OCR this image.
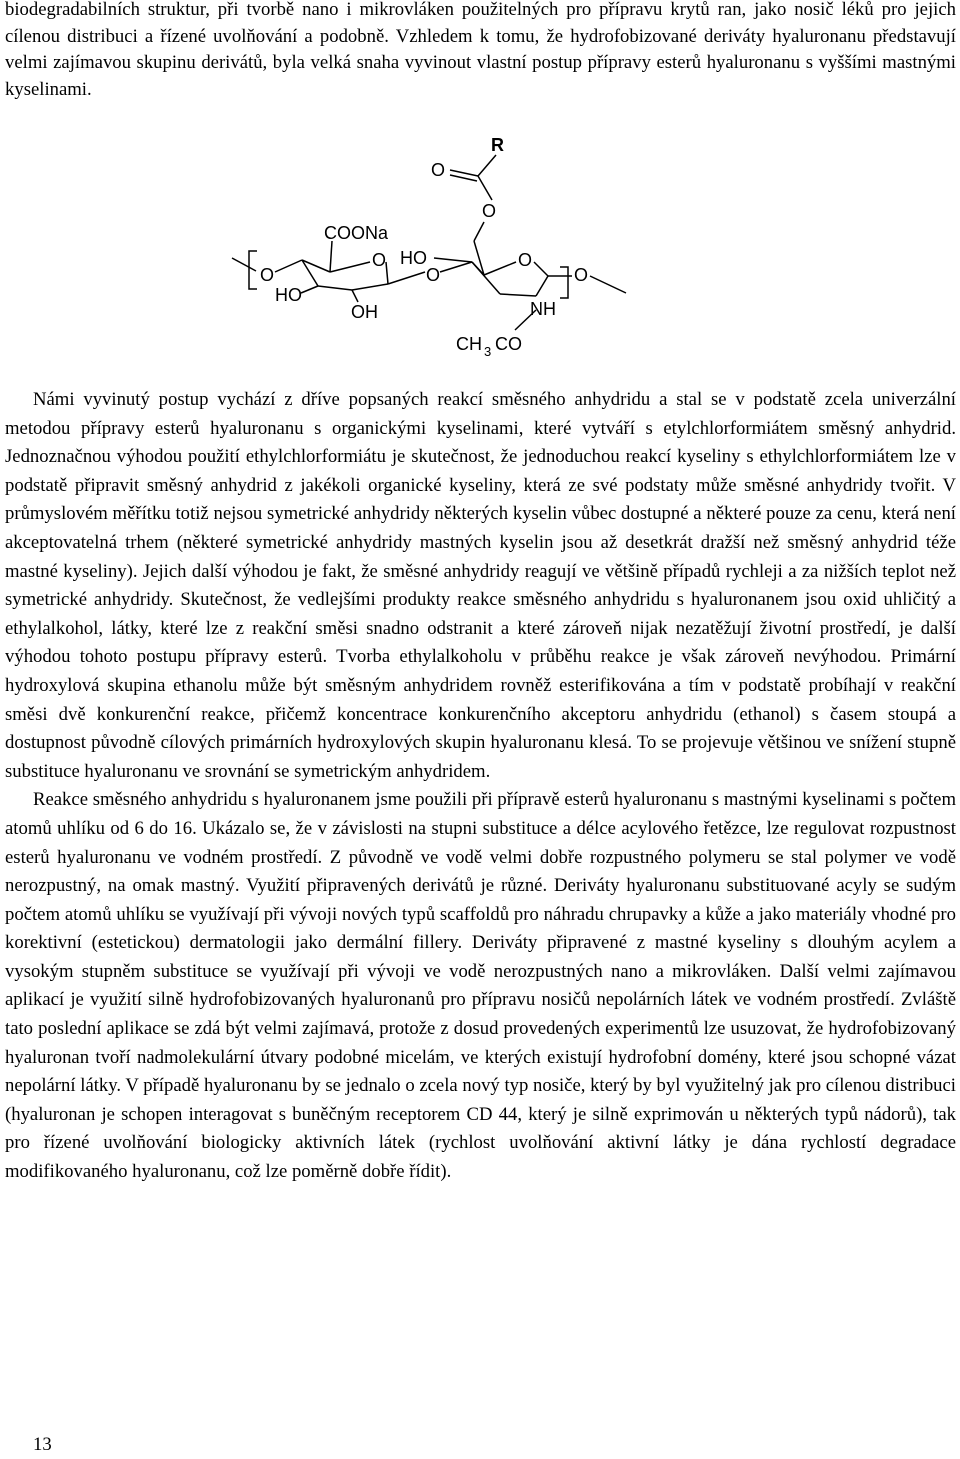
biodegradabilních struktur, při tvorbě nano i mikrovláken použitelných pro přípravu krytů ran, jako nosič léků pro jejich cílenou distribuci a řízené uvolňování a podobně. Vzhledem k tomu, že hydrofobizované deriváty hyaluronanu představují velmi zajímavou skupinu derivátů, byla velká snaha vyvinout vlastní postup přípravy esterů hyaluronanu s vyššími mastnými kyselinami.

R
O
O
COONa
O HO
O
O
O
HO
OH	NH
O
CH 3 CO

Námi vyvinutý postup vychází z dříve popsaných reakcí směsného anhydridu a stal se v podstatě zcela univerzální metodou přípravy esterů hyaluronanu s organickými kyselinami, které vytváří s etylchlorformiátem směsný anhydrid. Jednoznačnou výhodou použití ethylchlorformiátu je skutečnost, že jednoduchou reakcí kyseliny s ethylchlorformiátem lze v podstatě připravit směsný anhydrid z jakékoli organické kyseliny, která ze své podstaty může směsné anhydridy tvořit. V průmyslovém měřítku totiž nejsou symetrické anhydridy některých kyselin vůbec dostupné a některé pouze za cenu, která není akceptovatelná trhem (některé symetrické anhydridy mastných kyselin jsou až desetkrát dražší než směsný anhydrid téže mastné kyseliny). Jejich další výhodou je fakt, že směsné anhydridy reagují ve většině případů rychleji a za nižších teplot než symetrické anhydridy. Skutečnost, že vedlejšími produkty reakce směsného anhydridu s hyaluronanem jsou oxid uhličitý a ethylalkohol, látky, které lze z reakční směsi snadno odstranit a které zároveň nijak nezatěžují životní prostředí, je další výhodou tohoto postupu přípravy esterů. Tvorba ethylalkoholu v průběhu reakce je však zároveň nevýhodou. Primární hydroxylová skupina ethanolu může být směsným anhydridem rovněž esterifikována a tím v podstatě probíhají v reakční směsi dvě konkurenční reakce, přičemž koncentrace konkurenčního akceptoru anhydridu (ethanol) s časem stoupá a dostupnost původně cílových primárních hydroxylových skupin hyaluronanu klesá. To se projevuje většinou ve snížení stupně substituce hyaluronanu ve srovnání se symetrickým anhydridem.

Reakce směsného anhydridu s hyaluronanem jsme použili při přípravě esterů hyaluronanu s mastnými kyselinami s počtem atomů uhlíku od 6 do 16. Ukázalo se, že v závislosti na stupni substituce a délce acylového řetězce, lze regulovat rozpustnost esterů hyaluronanu ve vodném prostředí. Z původně ve vodě velmi dobře rozpustného polymeru se stal polymer ve vodě nerozpustný, na omak mastný. Využití připravených derivátů je různé. Deriváty hyaluronanu substituované acyly se sudým počtem atomů uhlíku se využívají při vývoji nových typů scaffoldů pro náhradu chrupavky a kůže a jako materiály vhodné pro korektivní (estetickou) dermatologii jako dermální fillery. Deriváty připravené z mastné kyseliny s dlouhým acylem a vysokým stupněm substituce se využívají při vývoji ve vodě nerozpustných nano a mikrovláken. Další velmi zajímavou aplikací je využití silně hydrofobizovaných hyaluronanů pro přípravu nosičů nepolárních látek ve vodném prostředí. Zvláště tato poslední aplikace se zdá být velmi zajímavá, protože z dosud provedených experimentů lze usuzovat, že hydrofobizovaný hyaluronan tvoří nadmolekulární útvary podobné micelám, ve kterých existují hydrofobní domény, které jsou schopné vázat nepolární látky. V případě hyaluronanu by se jednalo o zcela nový typ nosiče, který by byl využitelný jak pro cílenou distribuci (hyaluronan je schopen interagovat s buněčným receptorem CD 44, který je silně exprimován u některých typů nádorů), tak pro řízené uvolňování biologicky aktivních látek (rychlost uvolňování aktivní látky je dána rychlostí degradace modifikovaného hyaluronanu, což lze poměrně dobře řídit).

13
